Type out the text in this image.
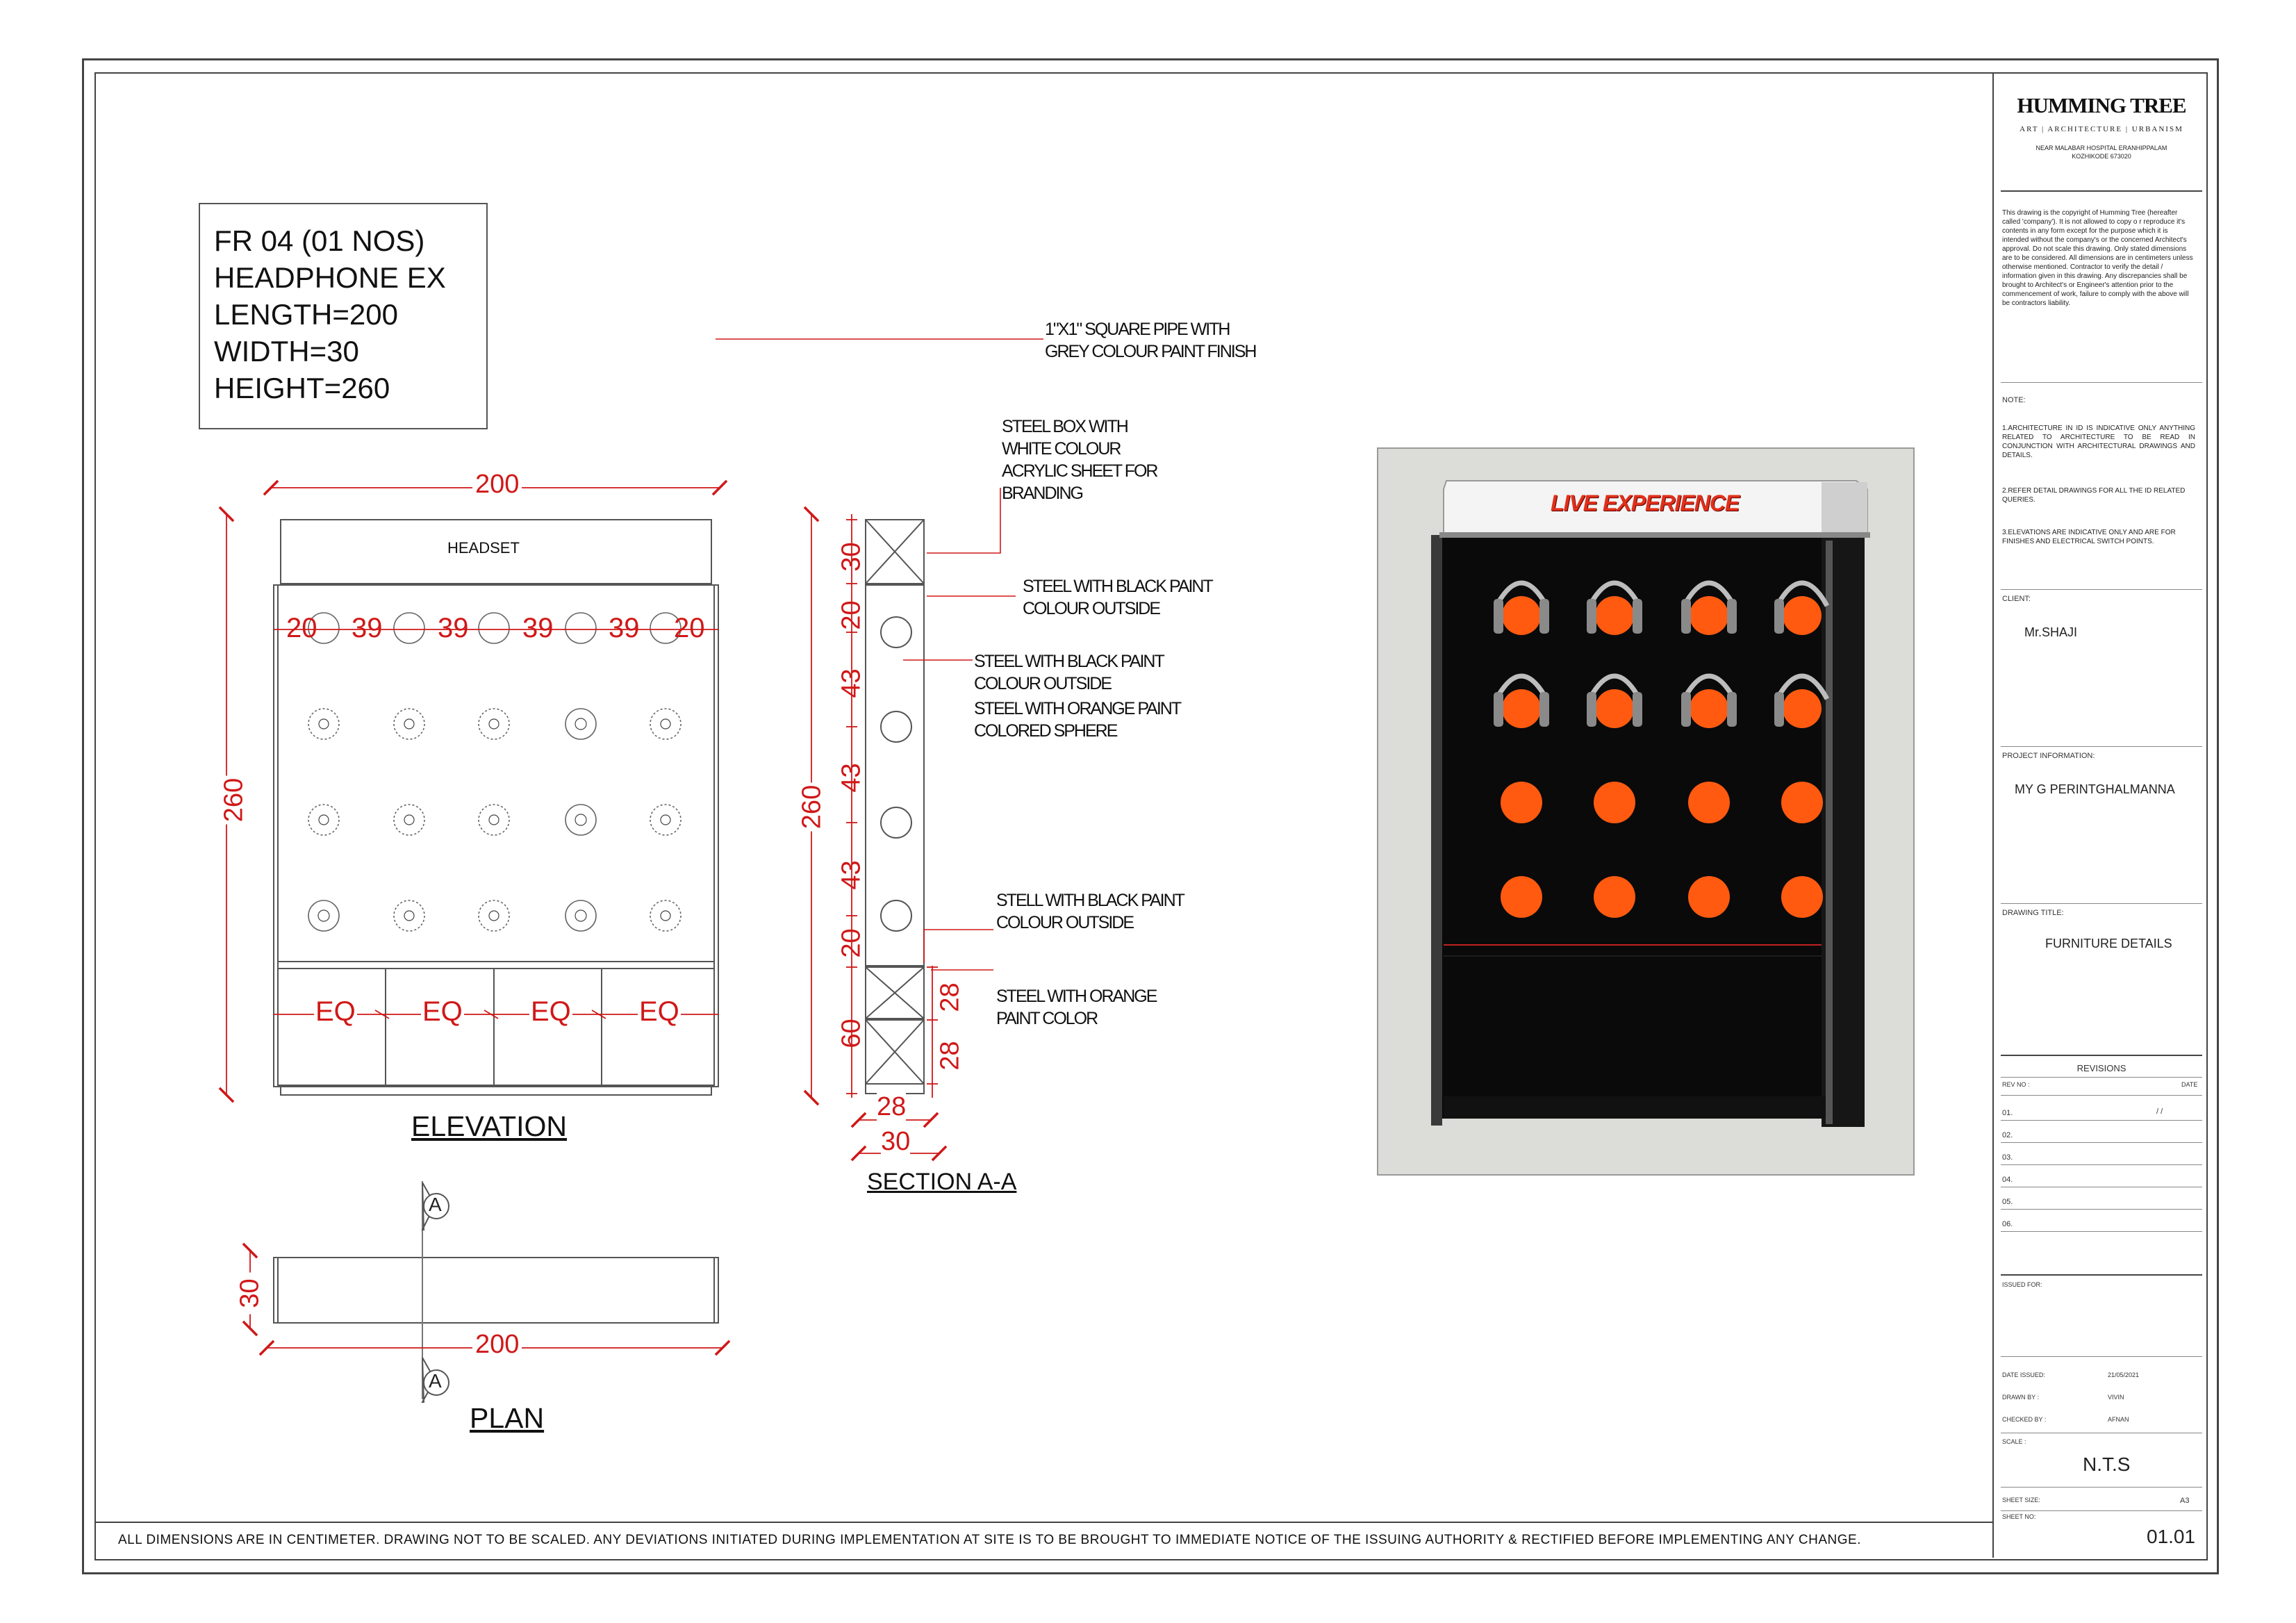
FR 04 (01 NOS)
HEADPHONE EX
LENGTH=200
WIDTH=30
HEIGHT=260
A
A
HEADSET
200
260
20 39 39 39 39 20
EQ EQ EQ EQ
ELEVATION
260
30
20
43
43
43
20
60
28
28
28
30
SECTION A-A
200
30
PLAN
1"X1" SQUARE PIPE WITH
GREY COLOUR PAINT FINISH
STEEL BOX WITH
WHITE COLOUR
ACRYLIC SHEET FOR
BRANDING
STEEL WITH BLACK PAINT
COLOUR OUTSIDE
STEEL WITH BLACK PAINT
COLOUR OUTSIDE
STEEL WITH ORANGE PAINT
COLORED SPHERE
STELL WITH BLACK PAINT
COLOUR OUTSIDE
STEEL WITH ORANGE
PAINT COLOR
LIVE EXPERIENCE
HUMMING TREE
ART | ARCHITECTURE | URBANISM
NEAR MALABAR HOSPITAL ERANHIPPALAM
KOZHIKODE 673020
This drawing is the copyright of Humming Tree (hereafter called 'company'). It is not allowed to copy o r reproduce it's contents in any form except for the purpose which it is intended without the company's or the concerned Architect's approval. Do not scale this drawing. Only stated dimensions are to be considered. All dimensions are in centimeters unless otherwise mentioned. Contractor to verify the detail / information given in this drawing. Any discrepancies shall be brought to Architect's or Engineer's attention prior to the commencement of work, failure to comply with the above will be contractors liability.
NOTE:
1.ARCHITECTURE IN ID IS INDICATIVE ONLY ANYTHING RELATED TO ARCHITECTURE TO BE READ IN CONJUNCTION WITH ARCHITECTURAL DRAWINGS AND DETAILS.
2.REFER DETAIL DRAWINGS FOR ALL THE ID RELATED QUERIES.
3.ELEVATIONS ARE INDICATIVE ONLY AND ARE FOR FINISHES AND ELECTRICAL SWITCH POINTS.
CLIENT:
Mr.SHAJI
PROJECT INFORMATION:
MY G PERINTGHALMANNA
DRAWING TITLE:
FURNITURE DETAILS
REVISIONS
REV NO :	DATE
01.	/ /
02.
03.
04.
05.
06.
ISSUED FOR:
DATE ISSUED:	21/05/2021
DRAWN BY :	VIVIN
CHECKED BY :	AFNAN
SCALE :
N.T.S
SHEET SIZE:	A3
SHEET NO:
01.01
ALL DIMENSIONS ARE IN CENTIMETER. DRAWING NOT TO BE SCALED. ANY DEVIATIONS INITIATED DURING IMPLEMENTATION AT SITE IS TO BE BROUGHT TO IMMEDIATE NOTICE OF THE ISSUING AUTHORITY & RECTIFIED BEFORE IMPLEMENTING ANY CHANGE.
